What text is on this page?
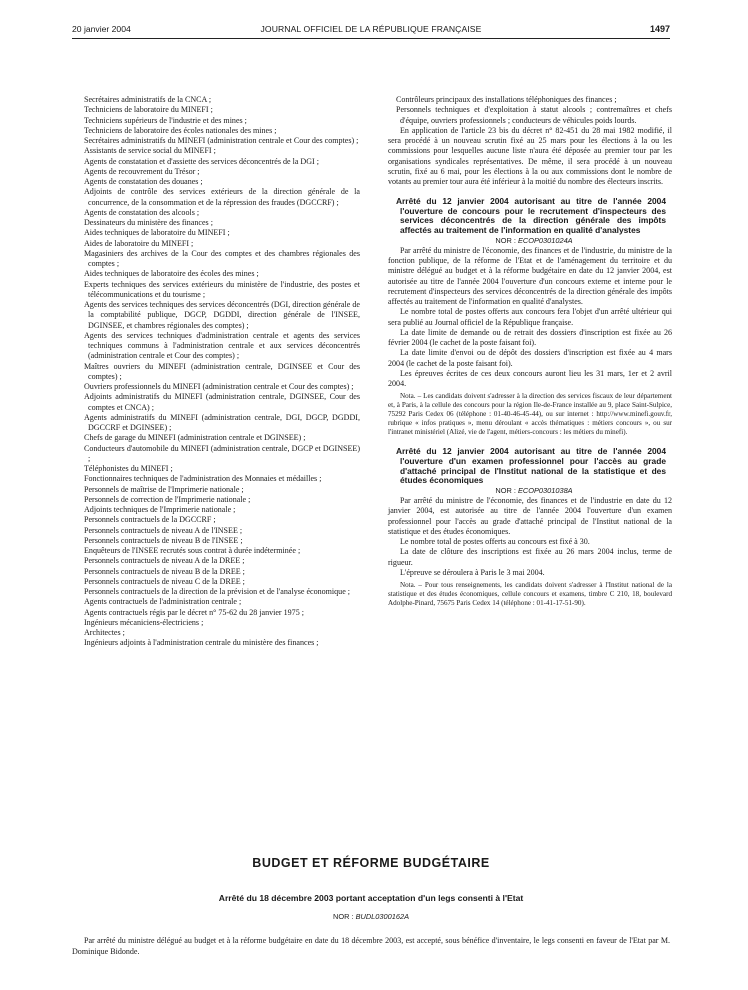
20 janvier 2004	JOURNAL OFFICIEL DE LA RÉPUBLIQUE FRANÇAISE	1497

Secrétaires administratifs de la CNCA ;

Techniciens de laboratoire du MINEFI ;

Techniciens supérieurs de l'industrie et des mines ;

Techniciens de laboratoire des écoles nationales des mines ;

Secrétaires administratifs du MINEFI (administration centrale et Cour des comptes) ;

Assistants de service social du MINEFI ;

Agents de constatation et d'assiette des services déconcentrés de la DGI ;

Agents de recouvrement du Trésor ;

Agents de constatation des douanes ;

Adjoints de contrôle des services extérieurs de la direction générale de la concurrence, de la consommation et de la répression des fraudes (DGCCRF) ;

Agents de constatation des alcools ;

Dessinateurs du ministère des finances ;

Aides techniques de laboratoire du MINEFI ;

Aides de laboratoire du MINEFI ;

Magasiniers des archives de la Cour des comptes et des chambres régionales des comptes ;

Aides techniques de laboratoire des écoles des mines ;

Experts techniques des services extérieurs du ministère de l'industrie, des postes et télécommunications et du tourisme ;

Agents des services techniques des services déconcentrés (DGI, direction générale de la comptabilité publique, DGCP, DGDDI, direction générale de l'INSEE, DGINSEE, et chambres régionales des comptes) ;

Agents des services techniques d'administration centrale et agents des services techniques communs à l'administration centrale et aux services déconcentrés (administration centrale et Cour des comptes) ;

Maîtres ouvriers du MINEFI (administration centrale, DGINSEE et Cour des comptes) ;

Ouvriers professionnels du MINEFI (administration centrale et Cour des comptes) ;

Adjoints administratifs du MINEFI (administration centrale, DGINSEE, Cour des comptes et CNCA) ;

Agents administratifs du MINEFI (administration centrale, DGI, DGCP, DGDDI, DGCCRF et DGINSEE) ;

Chefs de garage du MINEFI (administration centrale et DGINSEE) ;

Conducteurs d'automobile du MINEFI (administration centrale, DGCP et DGINSEE) ;

Téléphonistes du MINEFI ;

Fonctionnaires techniques de l'administration des Monnaies et médailles ;

Personnels de maîtrise de l'Imprimerie nationale ;

Personnels de correction de l'Imprimerie nationale ;

Adjoints techniques de l'Imprimerie nationale ;

Personnels contractuels de la DGCCRF ;

Personnels contractuels de niveau A de l'INSEE ;

Personnels contractuels de niveau B de l'INSEE ;

Enquêteurs de l'INSEE recrutés sous contrat à durée indéterminée ;

Personnels contractuels de niveau A de la DREE ;

Personnels contractuels de niveau B de la DREE ;

Personnels contractuels de niveau C de la DREE ;

Personnels contractuels de la direction de la prévision et de l'analyse économique ;

Agents contractuels de l'administration centrale ;

Agents contractuels régis par le décret n° 75-62 du 28 janvier 1975 ;

Ingénieurs mécaniciens-électriciens ;

Architectes ;

Ingénieurs adjoints à l'administration centrale du ministère des finances ;

Contrôleurs principaux des installations téléphoniques des finances ;

Personnels techniques et d'exploitation à statut alcools ; contremaîtres et chefs d'équipe, ouvriers professionnels ; conducteurs de véhicules poids lourds.

En application de l'article 23 bis du décret n° 82-451 du 28 mai 1982 modifié, il sera procédé à un nouveau scrutin fixé au 25 mars pour les élections à la ou les commissions pour lesquelles aucune liste n'aura été déposée au premier tour par les organisations syndicales représentatives. De même, il sera procédé à un nouveau scrutin, fixé au 6 mai, pour les élections à la ou aux commissions dont le nombre de votants au premier tour aura été inférieur à la moitié du nombre des électeurs inscrits.

Arrêté du 12 janvier 2004 autorisant au titre de l'année 2004 l'ouverture de concours pour le recrutement d'inspecteurs des services déconcentrés de la direction générale des impôts affectés au traitement de l'information en qualité d'analystes

NOR : ECOP0301024A

Par arrêté du ministre de l'économie, des finances et de l'industrie, du ministre de la fonction publique, de la réforme de l'Etat et de l'aménagement du territoire et du ministre délégué au budget et à la réforme budgétaire en date du 12 janvier 2004, est autorisée au titre de l'année 2004 l'ouverture d'un concours externe et interne pour le recrutement d'inspecteurs des services déconcentrés de la direction générale des impôts affectés au traitement de l'information en qualité d'analystes.

Le nombre total de postes offerts aux concours fera l'objet d'un arrêté ultérieur qui sera publié au Journal officiel de la République française.

La date limite de demande ou de retrait des dossiers d'inscription est fixée au 26 février 2004 (le cachet de la poste faisant foi).

La date limite d'envoi ou de dépôt des dossiers d'inscription est fixée au 4 mars 2004 (le cachet de la poste faisant foi).

Les épreuves écrites de ces deux concours auront lieu les 31 mars, 1er et 2 avril 2004.

Nota. – Les candidats doivent s'adresser à la direction des services fiscaux de leur département et, à Paris, à la cellule des concours pour la région Ile-de-France installée au 9, place Saint-Sulpice, 75292 Paris Cedex 06 (téléphone : 01-40-46-45-44), ou sur internet : http://www.minefi.gouv.fr, rubrique « infos pratiques », menu déroulant « accès thématiques : métiers concours », ou sur l'intranet ministériel (Alizé, vie de l'agent, métiers-concours : les métiers du minefi).

Arrêté du 12 janvier 2004 autorisant au titre de l'année 2004 l'ouverture d'un examen professionnel pour l'accès au grade d'attaché principal de l'Institut national de la statistique et des études économiques

NOR : ECOP0301038A

Par arrêté du ministre de l'économie, des finances et de l'industrie en date du 12 janvier 2004, est autorisée au titre de l'année 2004 l'ouverture d'un examen professionnel pour l'accès au grade d'attaché principal de l'Institut national de la statistique et des études économiques.

Le nombre total de postes offerts au concours est fixé à 30.

La date de clôture des inscriptions est fixée au 26 mars 2004 inclus, terme de rigueur.

L'épreuve se déroulera à Paris le 3 mai 2004.

Nota. – Pour tous renseignements, les candidats doivent s'adresser à l'Institut national de la statistique et des études économiques, cellule concours et examens, timbre C 210, 18, boulevard Adolphe-Pinard, 75675 Paris Cedex 14 (téléphone : 01-41-17-51-90).

BUDGET ET RÉFORME BUDGÉTAIRE
Arrêté du 18 décembre 2003 portant acceptation d'un legs consenti à l'Etat
NOR : BUDL0300162A
Par arrêté du ministre délégué au budget et à la réforme budgétaire en date du 18 décembre 2003, est accepté, sous bénéfice d'inventaire, le legs consenti en faveur de l'Etat par M. Dominique Bidonde.
